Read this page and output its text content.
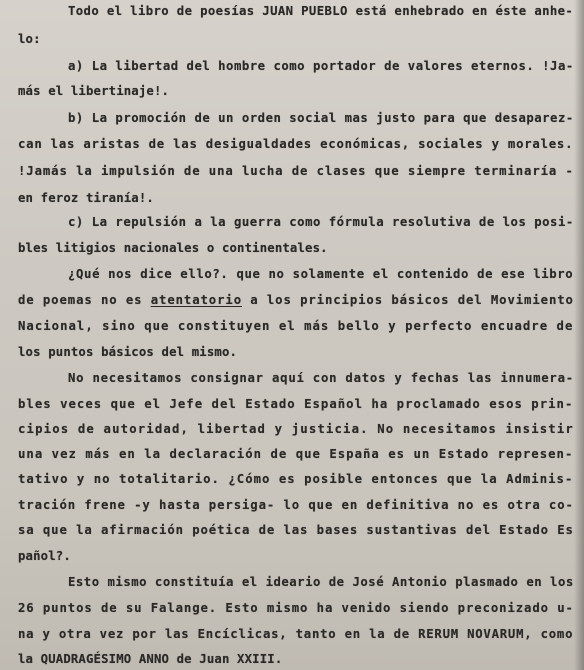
Todo el libro de poesías JUAN PUEBLO está enhebrado en éste anhe-
lo:
a) La libertad del hombre como portador de valores eternos. !Ja-
más el libertinaje!.
b) La promoción de un orden social mas justo para que desaparez-
can las aristas de las desigualdades económicas, sociales y morales.
!Jamás la impulsión de una lucha de clases que siempre terminaría -
en feroz tiranía!.
c) La repulsión a la guerra como fórmula resolutiva de los posi-
bles litigios nacionales o continentales.
¿Qué nos dice ello?. que no solamente el contenido de ese libro
de poemas no es atentatorio a los principios básicos del Movimiento
Nacional, sino que constituyen el más bello y perfecto encuadre de
los puntos básicos del mismo.
No necesitamos consignar aquí con datos y fechas las innumera-
bles veces que el Jefe del Estado Español ha proclamado esos prin-
cipios de autoridad, libertad y justicia. No necesitamos insistir
una vez más en la declaración de que España es un Estado represen-
tativo y no totalitario. ¿Cómo es posible entonces que la Adminis-
tración frene -y hasta persiga- lo que en definitiva no es otra co-
sa que la afirmación poética de las bases sustantivas del Estado Es
pañol?.
Esto mismo constituía el ideario de José Antonio plasmado en los
26 puntos de su Falange. Esto mismo ha venido siendo preconizado u-
na y otra vez por las Encíclicas, tanto en la de RERUM NOVARUM, como
la QUADRAGÉSIMO ANNO de Juan XXIII.
